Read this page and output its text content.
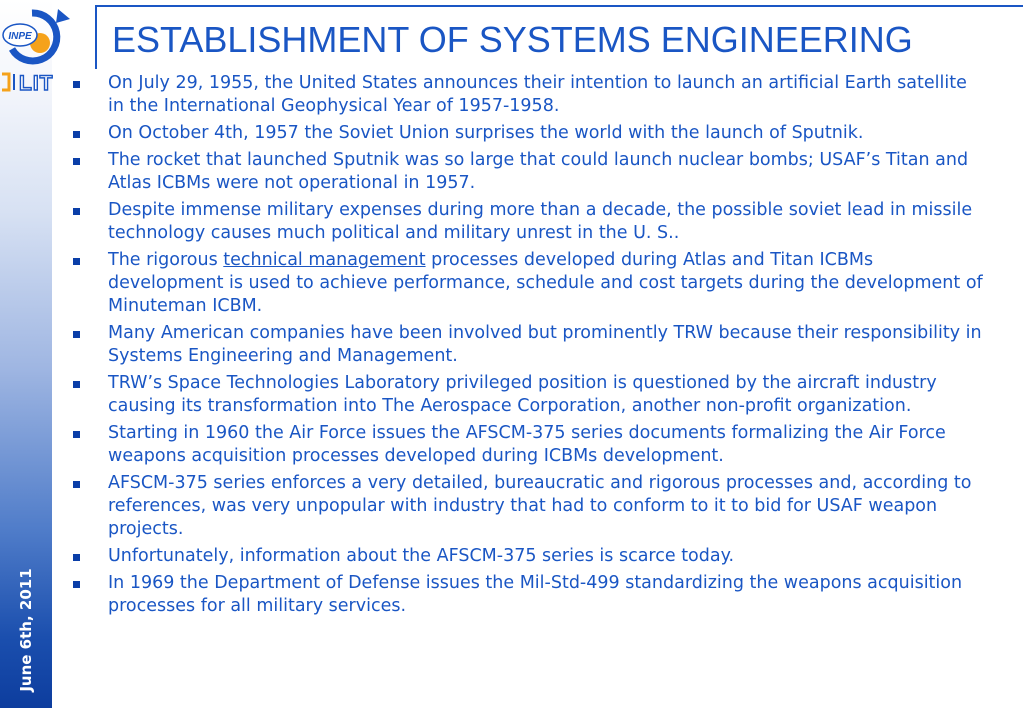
June 6th, 2011
INPE
LIT
ESTABLISHMENT OF SYSTEMS ENGINEERING
On July 29, 1955, the United States announces their intention to launch an artificial Earth satellite in the International Geophysical Year of 1957-1958.
On October 4th, 1957 the Soviet Union surprises the world with the launch of Sputnik.
The rocket that launched Sputnik was so large that could launch nuclear bombs; USAF’s Titan and Atlas ICBMs were not operational in 1957.
Despite immense military expenses during more than a decade, the possible soviet lead in missile technology causes much political and military unrest in the U. S..
The rigorous technical management processes developed during Atlas and Titan ICBMs development is used to achieve performance, schedule and cost targets during the development of Minuteman ICBM.
Many American companies have been involved but prominently TRW because their responsibility in Systems Engineering and Management.
TRW’s Space Technologies Laboratory privileged position is questioned by the aircraft industry causing its transformation into The Aerospace Corporation, another non-profit organization.
Starting in 1960 the Air Force issues the AFSCM-375 series documents formalizing the Air Force weapons acquisition processes developed during ICBMs development.
AFSCM-375 series enforces a very detailed, bureaucratic and rigorous processes and, according to references, was very unpopular with industry that had to conform to it to bid for USAF weapon projects.
Unfortunately, information about the AFSCM-375 series is scarce today.
In 1969 the Department of Defense issues the Mil-Std-499 standardizing the weapons acquisition processes for all military services.
